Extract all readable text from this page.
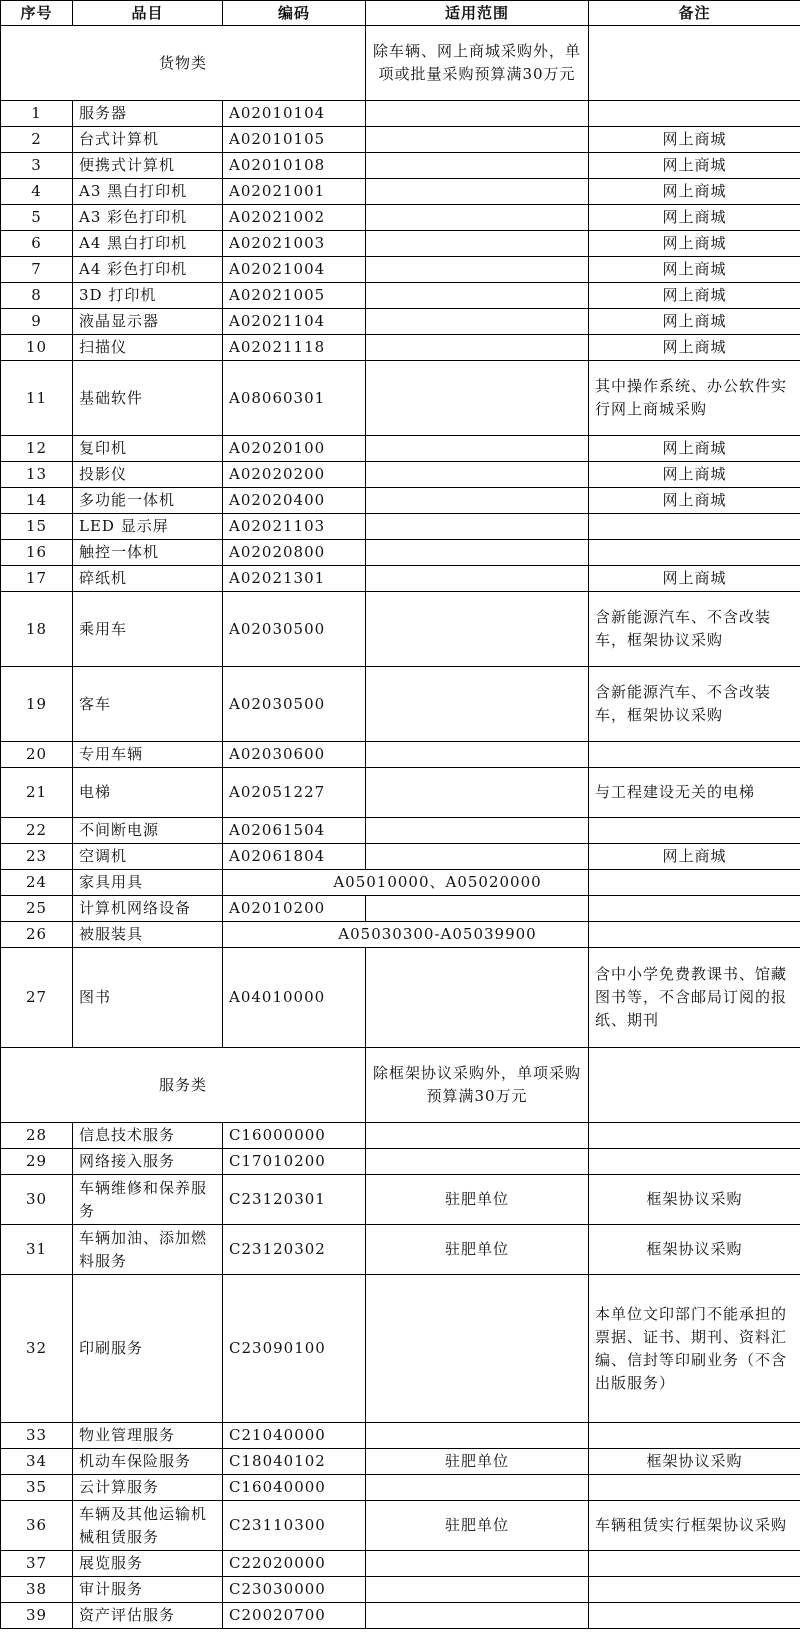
序号	品目	编码	适用范围	备注
货物类			除车辆、网上商城采购外，单项或批量采购预算满30万元	
1	服务器	A02010104		
2	台式计算机	A02010105		网上商城
3	便携式计算机	A02010108		网上商城
4	A3 黑白打印机	A02021001		网上商城
5	A3 彩色打印机	A02021002		网上商城
6	A4 黑白打印机	A02021003		网上商城
7	A4 彩色打印机	A02021004		网上商城
8	3D 打印机	A02021005		网上商城
9	液晶显示器	A02021104		网上商城
10	扫描仪	A02021118		网上商城
11	基础软件	A08060301		其中操作系统、办公软件实行网上商城采购
12	复印机	A02020100		网上商城
13	投影仪	A02020200		网上商城
14	多功能一体机	A02020400		网上商城
15	LED 显示屏	A02021103		
16	触控一体机	A02020800		
17	碎纸机	A02021301		网上商城
18	乘用车	A02030500		含新能源汽车、不含改装车，框架协议采购
19	客车	A02030500		含新能源汽车、不含改装车，框架协议采购
20	专用车辆	A02030600		
21	电梯	A02051227		与工程建设无关的电梯
22	不间断电源	A02061504		
23	空调机	A02061804		网上商城
24	家具用具	A05010000、A05020000		
25	计算机网络设备	A02010200		
26	被服装具	A05030300-A05039900		
27	图书	A04010000		含中小学免费教课书、馆藏图书等，不含邮局订阅的报纸、期刊
服务类			除框架协议采购外，单项采购预算满30万元	
28	信息技术服务	C16000000		
29	网络接入服务	C17010200		
30	车辆维修和保养服务	C23120301	驻肥单位	框架协议采购
31	车辆加油、添加燃料服务	C23120302	驻肥单位	框架协议采购
32	印刷服务	C23090100		本单位文印部门不能承担的票据、证书、期刊、资料汇编、信封等印刷业务（不含出版服务）
33	物业管理服务	C21040000		
34	机动车保险服务	C18040102	驻肥单位	框架协议采购
35	云计算服务	C16040000		
36	车辆及其他运输机械租赁服务	C23110300	驻肥单位	车辆租赁实行框架协议采购
37	展览服务	C22020000		
38	审计服务	C23030000		
39	资产评估服务	C20020700		
